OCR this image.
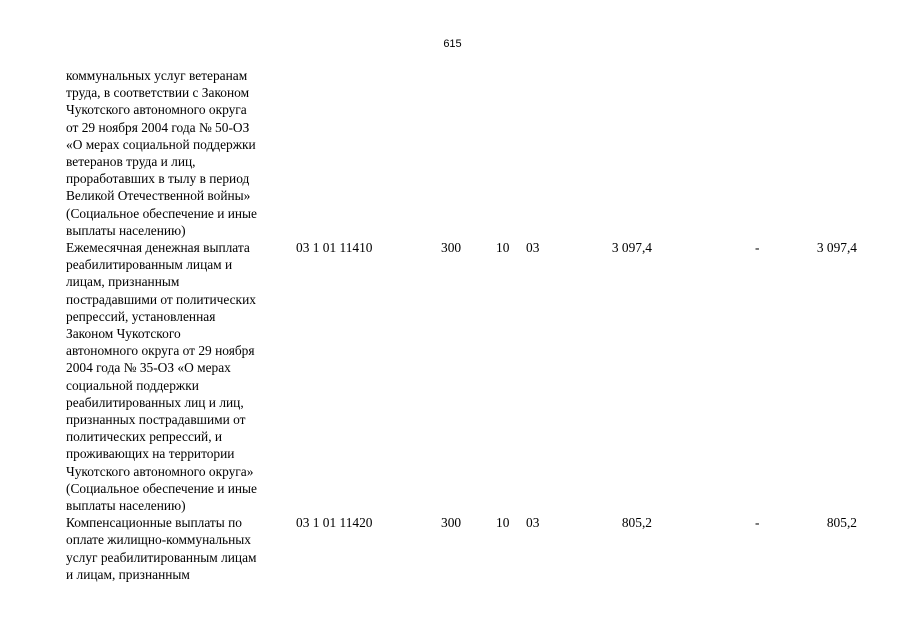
615
коммунальных услуг ветеранам
труда, в соответствии с Законом
Чукотского автономного округа
от 29 ноября 2004 года № 50-ОЗ
«О мерах социальной поддержки
ветеранов труда и лиц,
проработавших в тылу в период
Великой Отечественной войны»
(Социальное обеспечение и иные
выплаты населению)
Ежемесячная денежная выплата
реабилитированным лицам и
лицам, признанным
пострадавшими от политических
репрессий, установленная
Законом Чукотского
автономного округа от 29 ноября
2004 года № 35-ОЗ «О мерах
социальной поддержки
реабилитированных лиц и лиц,
признанных пострадавшими от
политических репрессий, и
проживающих на территории
Чукотского автономного округа»
(Социальное обеспечение и иные
выплаты населению)
03 1 01 11410	300	10 03	3 097,4	-	3 097,4
Компенсационные выплаты по
оплате жилищно-коммунальных
услуг реабилитированным лицам
и лицам, признанным
03 1 01 11420	300	10 03	805,2	-	805,2
